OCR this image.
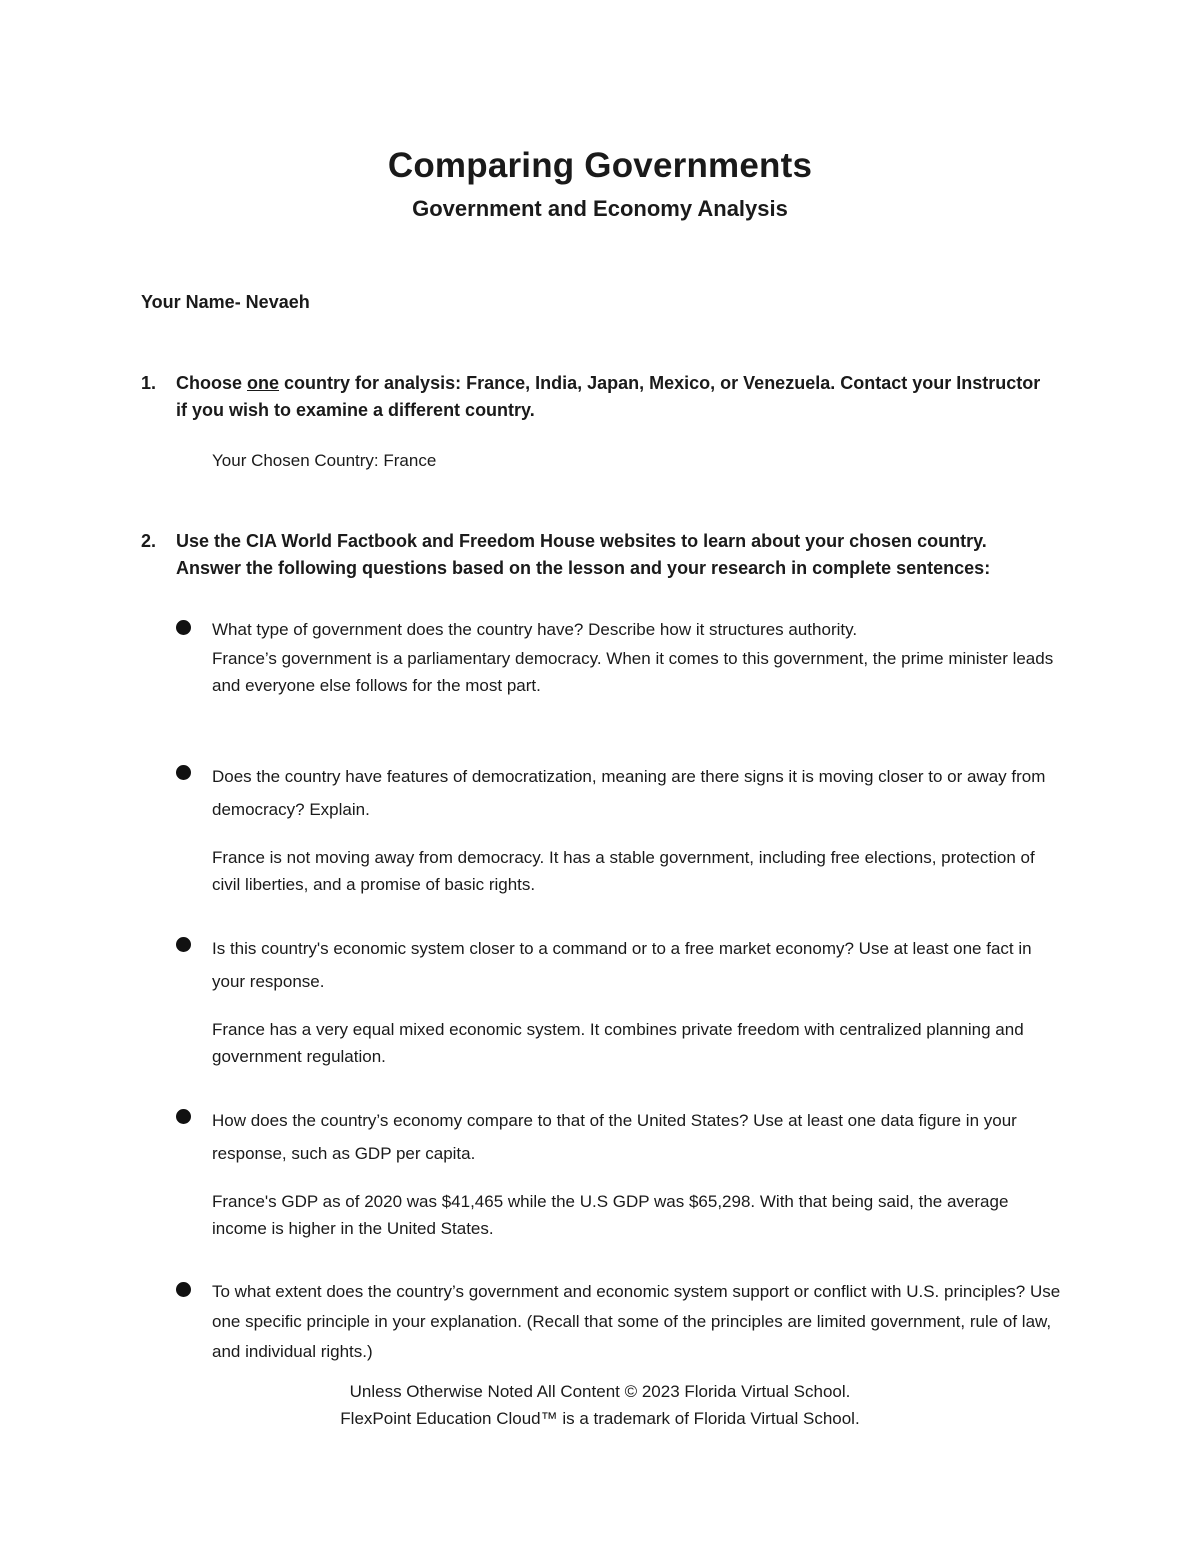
Comparing Governments
Government and Economy Analysis
Your Name- Nevaeh
1. Choose one country for analysis: France, India, Japan, Mexico, or Venezuela. Contact your Instructor if you wish to examine a different country.
Your Chosen Country: France
2. Use the CIA World Factbook and Freedom House websites to learn about your chosen country. Answer the following questions based on the lesson and your research in complete sentences:
What type of government does the country have? Describe how it structures authority.
France’s government is a parliamentary democracy. When it comes to this government, the prime minister leads and everyone else follows for the most part.
Does the country have features of democratization, meaning are there signs it is moving closer to or away from democracy? Explain.
France is not moving away from democracy. It has a stable government, including free elections, protection of civil liberties, and a promise of basic rights.
Is this country's economic system closer to a command or to a free market economy? Use at least one fact in your response.
France has a very equal mixed economic system. It combines private freedom with centralized planning and government regulation.
How does the country’s economy compare to that of the United States? Use at least one data figure in your response, such as GDP per capita.
France's GDP as of 2020 was $41,465 while the U.S GDP was $65,298. With that being said, the average income is higher in the United States.
To what extent does the country’s government and economic system support or conflict with U.S. principles? Use one specific principle in your explanation. (Recall that some of the principles are limited government, rule of law, and individual rights.)
Unless Otherwise Noted All Content © 2023 Florida Virtual School.
FlexPoint Education Cloud™ is a trademark of Florida Virtual School.
